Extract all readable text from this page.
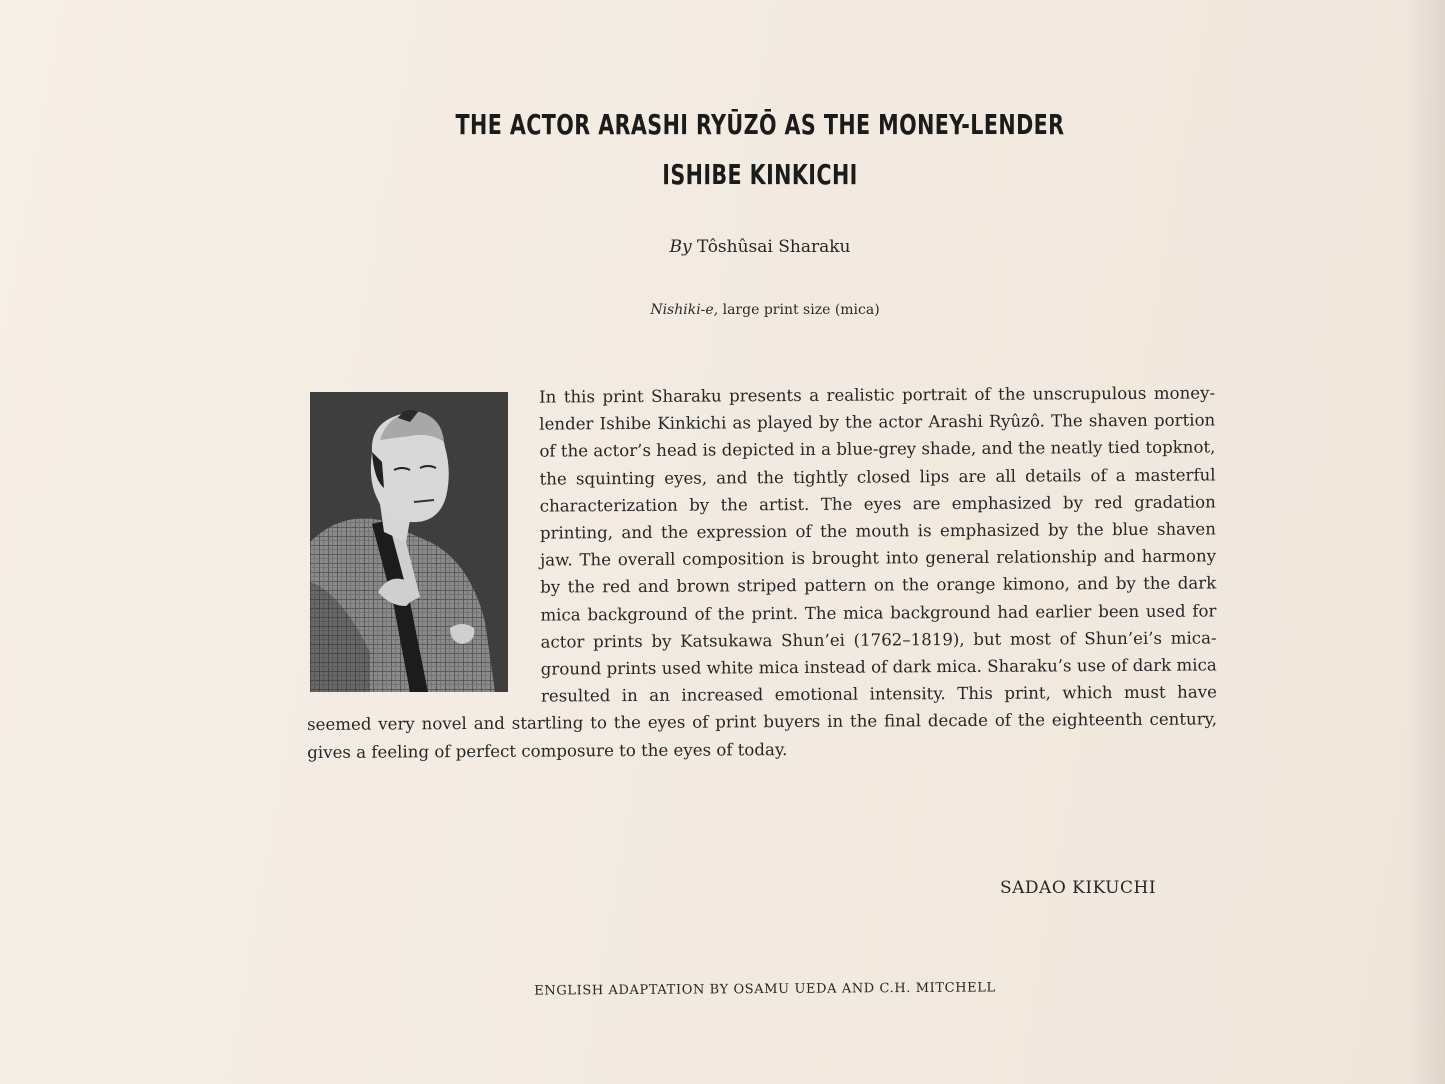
THE ACTOR ARASHI RYŪZŌ AS THE MONEY-LENDER
ISHIBE KINKICHI
By Tôshûsai Sharaku
Nishiki-e, large print size (mica)
In this print Sharaku presents a realistic portrait of the unscrupulous money-lender Ishibe Kinkichi as played by the actor Arashi Ryûzô. The shaven portion of the actor’s head is depicted in a blue-grey shade, and the neatly tied topknot, the squinting eyes, and the tightly closed lips are all details of a masterful characterization by the artist. The eyes are emphasized by red gradation printing, and the expression of the mouth is emphasized by the blue shaven jaw. The overall composition is brought into general relationship and harmony by the red and brown striped pattern on the orange kimono, and by the dark mica background of the print. The mica background had earlier been used for actor prints by Katsukawa Shun’ei (1762–1819), but most of Shun’ei’s mica-ground prints used white mica instead of dark mica. Sharaku’s use of dark mica resulted in an increased emotional intensity. This print, which must have seemed very novel and startling to the eyes of print buyers in the final decade of the eighteenth century, gives a feeling of perfect composure to the eyes of today.
SADAO KIKUCHI
ENGLISH ADAPTATION BY OSAMU UEDA AND C.H. MITCHELL
